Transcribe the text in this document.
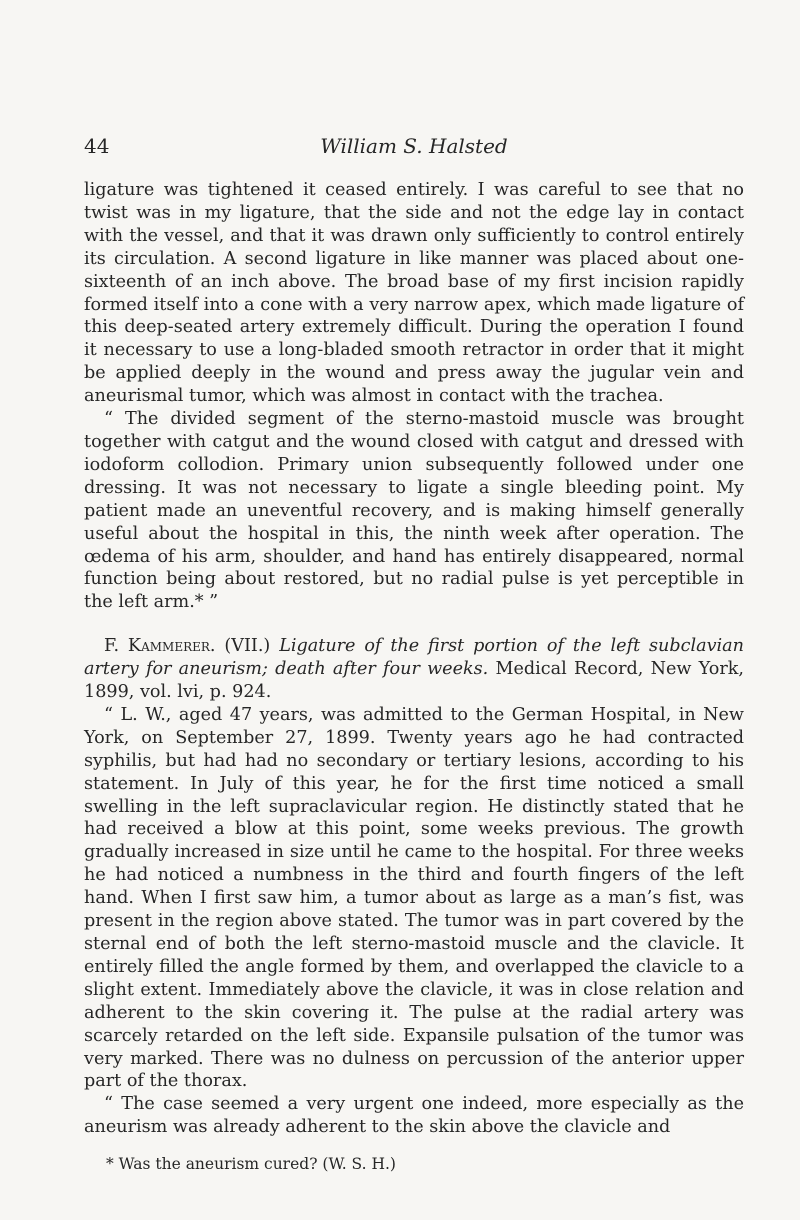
44	William S. Halsted

ligature was tightened it ceased entirely. I was careful to see that no twist was in my ligature, that the side and not the edge lay in contact with the vessel, and that it was drawn only sufficiently to control entirely its circulation. A second ligature in like manner was placed about one-sixteenth of an inch above. The broad base of my first incision rapidly formed itself into a cone with a very narrow apex, which made ligature of this deep-seated artery extremely difficult. During the operation I found it necessary to use a long-bladed smooth retractor in order that it might be applied deeply in the wound and press away the jugular vein and aneurismal tumor, which was almost in contact with the trachea.

“ The divided segment of the sterno-mastoid muscle was brought together with catgut and the wound closed with catgut and dressed with iodoform collodion. Primary union subsequently followed under one dressing. It was not necessary to ligate a single bleeding point. My patient made an uneventful recovery, and is making himself generally useful about the hospital in this, the ninth week after operation. The œdema of his arm, shoulder, and hand has entirely disappeared, normal function being about restored, but no radial pulse is yet perceptible in the left arm.* ”

F. Kammerer. (VII.) Ligature of the first portion of the left subclavian artery for aneurism; death after four weeks. Medical Record, New York, 1899, vol. lvi, p. 924.

“ L. W., aged 47 years, was admitted to the German Hospital, in New York, on September 27, 1899. Twenty years ago he had contracted syphilis, but had had no secondary or tertiary lesions, according to his statement. In July of this year, he for the first time noticed a small swelling in the left supraclavicular region. He distinctly stated that he had received a blow at this point, some weeks previous. The growth gradually increased in size until he came to the hospital. For three weeks he had noticed a numbness in the third and fourth fingers of the left hand. When I first saw him, a tumor about as large as a man’s fist, was present in the region above stated. The tumor was in part covered by the sternal end of both the left sterno-mastoid muscle and the clavicle. It entirely filled the angle formed by them, and overlapped the clavicle to a slight extent. Immediately above the clavicle, it was in close relation and adherent to the skin covering it. The pulse at the radial artery was scarcely retarded on the left side. Expansile pulsation of the tumor was very marked. There was no dulness on percussion of the anterior upper part of the thorax.

“ The case seemed a very urgent one indeed, more especially as the aneurism was already adherent to the skin above the clavicle and

* Was the aneurism cured? (W. S. H.)
